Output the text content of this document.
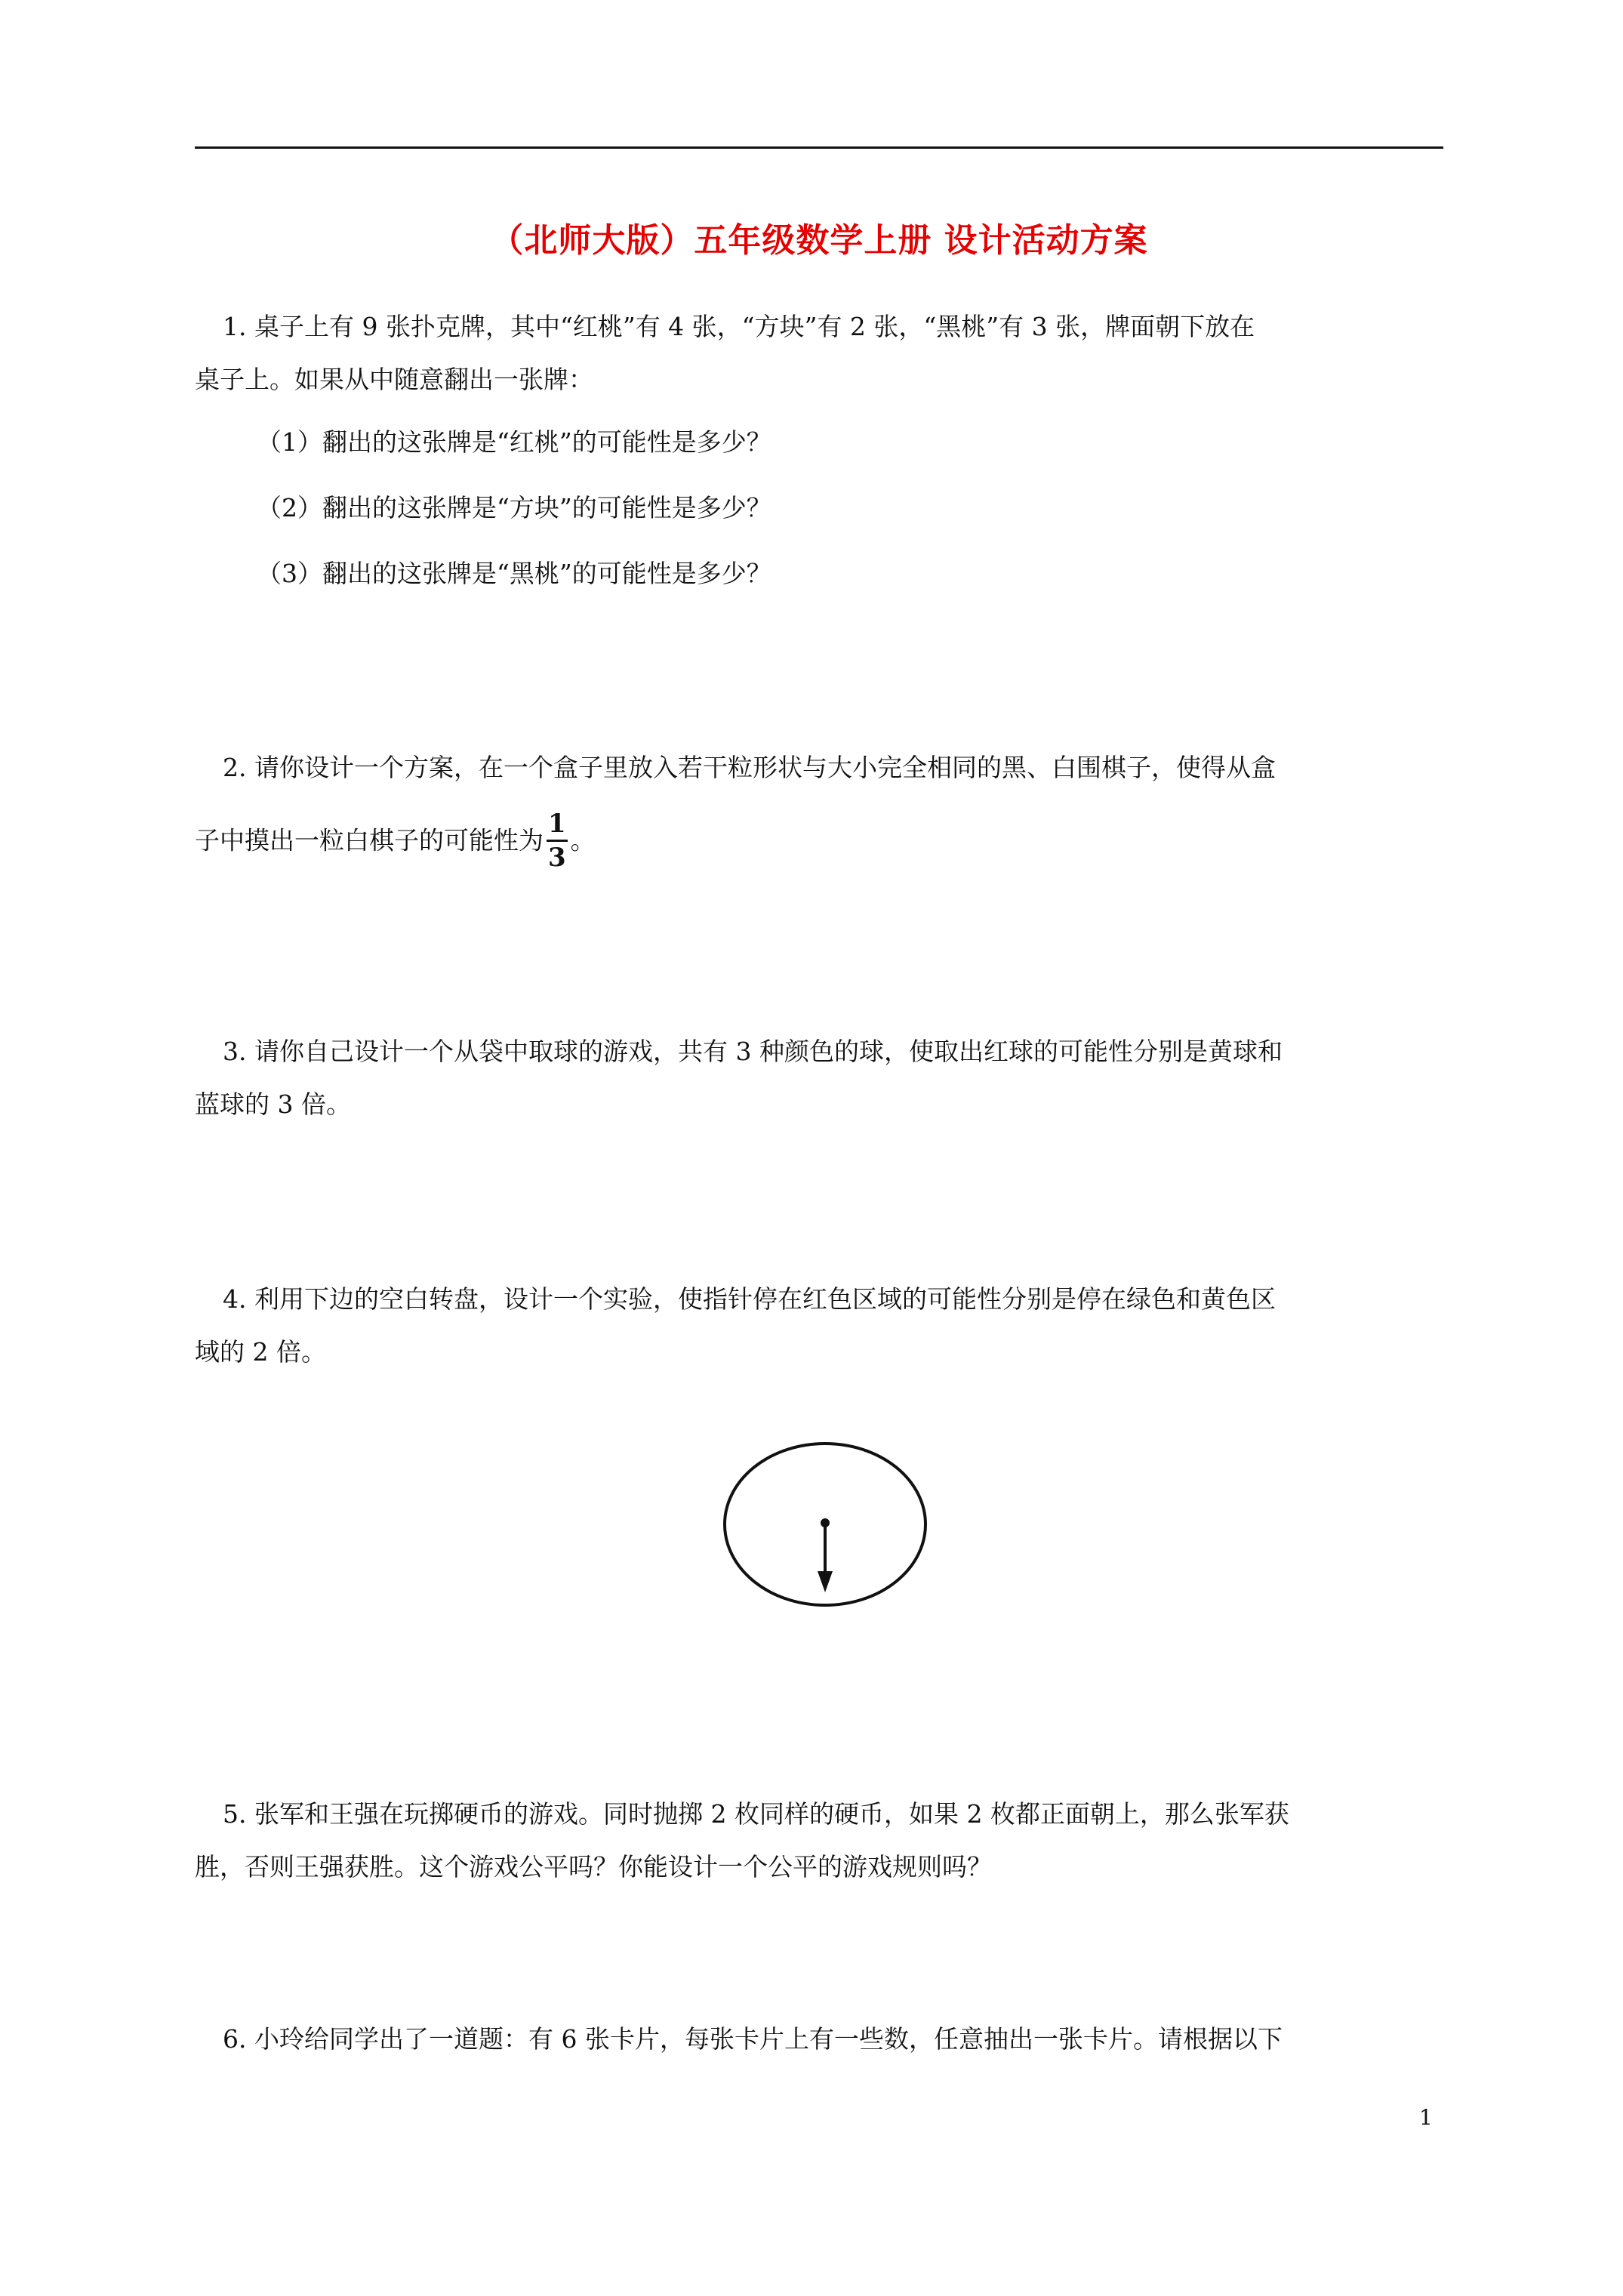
（北师大版）五年级数学上册 设计活动方案
1. 桌子上有 9 张扑克牌，其中“红桃”有 4 张，“方块”有 2 张，“黑桃”有 3 张，牌面朝下放在
桌子上。如果从中随意翻出一张牌：
（1）翻出的这张牌是“红桃”的可能性是多少？
（2）翻出的这张牌是“方块”的可能性是多少？
（3）翻出的这张牌是“黑桃”的可能性是多少？
2. 请你设计一个方案，在一个盒子里放入若干粒形状与大小完全相同的黑、白围棋子，使得从盒
子中摸出一粒白棋子的可能性为 $\frac{1}{3}$ 。
3. 请你自己设计一个从袋中取球的游戏，共有 3 种颜色的球，使取出红球的可能性分别是黄球和
蓝球的 3 倍。
4. 利用下边的空白转盘，设计一个实验，使指针停在红色区域的可能性分别是停在绿色和黄色区
域的 2 倍。
5. 张军和王强在玩掷硬币的游戏。同时抛掷 2 枚同样的硬币，如果 2 枚都正面朝上，那么张军获
胜，否则王强获胜。这个游戏公平吗？你能设计一个公平的游戏规则吗？
6. 小玲给同学出了一道题：有 6 张卡片，每张卡片上有一些数，任意抽出一张卡片。请根据以下
1
